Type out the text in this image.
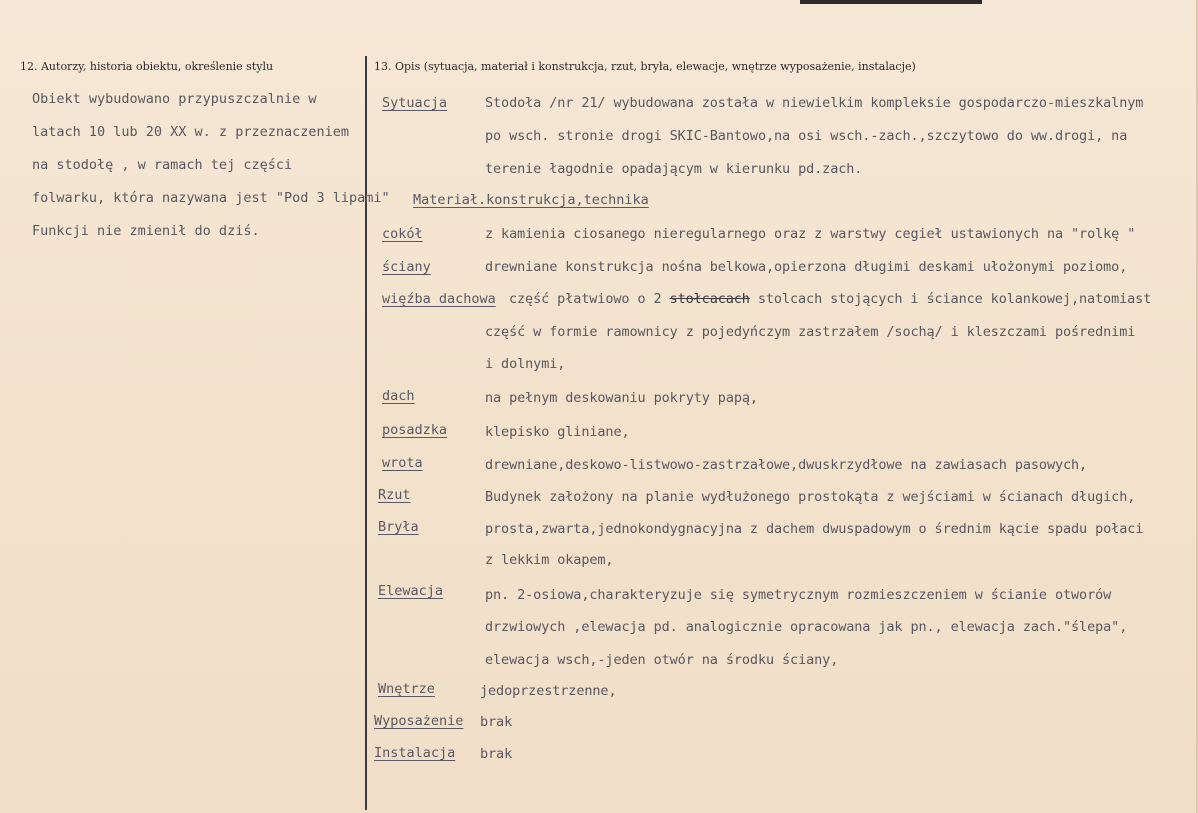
12. Autorzy, historia obiektu, określenie stylu	13. Opis (sytuacja, materiał i konstrukcja, rzut, bryła, elewacje, wnętrze wyposażenie, instalacje)
Obiekt wybudowano przypuszczalnie w
latach 10 lub 20 XX w. z przeznaczeniem
na stodołę , w ramach tej części
folwarku, która nazywana jest "Pod 3 lipami"
Funkcji nie zmienił do dziś.
Sytuacja	Stodoła /nr 21/ wybudowana została w niewielkim kompleksie gospodarczo-mieszkalnym
po wsch. stronie drogi SKIC-Bantowo,na osi wsch.-zach.,szczytowo do ww.drogi, na
terenie łagodnie opadającym w kierunku pd.zach.
Materiał.konstrukcja,technika
cokół	z kamienia ciosanego nieregularnego oraz z warstwy cegieł ustawionych na "rolkę "
ściany	drewniane konstrukcja nośna belkowa,opierzona długimi deskami ułożonymi poziomo,
więźba dachowa część płatwiowo o 2 stołcacach stolcach stojących i ściance kolankowej,natomiast
część w formie ramownicy z pojedyńczym zastrzałem /sochą/ i kleszczami pośrednimi
i dolnymi,
dach	na pełnym deskowaniu pokryty papą,
posadzka	klepisko gliniane,
wrota	drewniane,deskowo-listwowo-zastrzałowe,dwuskrzydłowe na zawiasach pasowych,
Rzut	Budynek założony na planie wydłużonego prostokąta z wejściami w ścianach długich,
Bryła	prosta,zwarta,jednokondygnacyjna z dachem dwuspadowym o średnim kącie spadu połaci
z lekkim okapem,
Elewacja	pn. 2-osiowa,charakteryzuje się symetrycznym rozmieszczeniem w ścianie otworów
drzwiowych ,elewacja pd. analogicznie opracowana jak pn., elewacja zach."ślepa",
elewacja wsch,-jeden otwór na środku ściany,
Wnętrze	jedoprzestrzenne,
Wyposażenie brak
Instalacja brak
